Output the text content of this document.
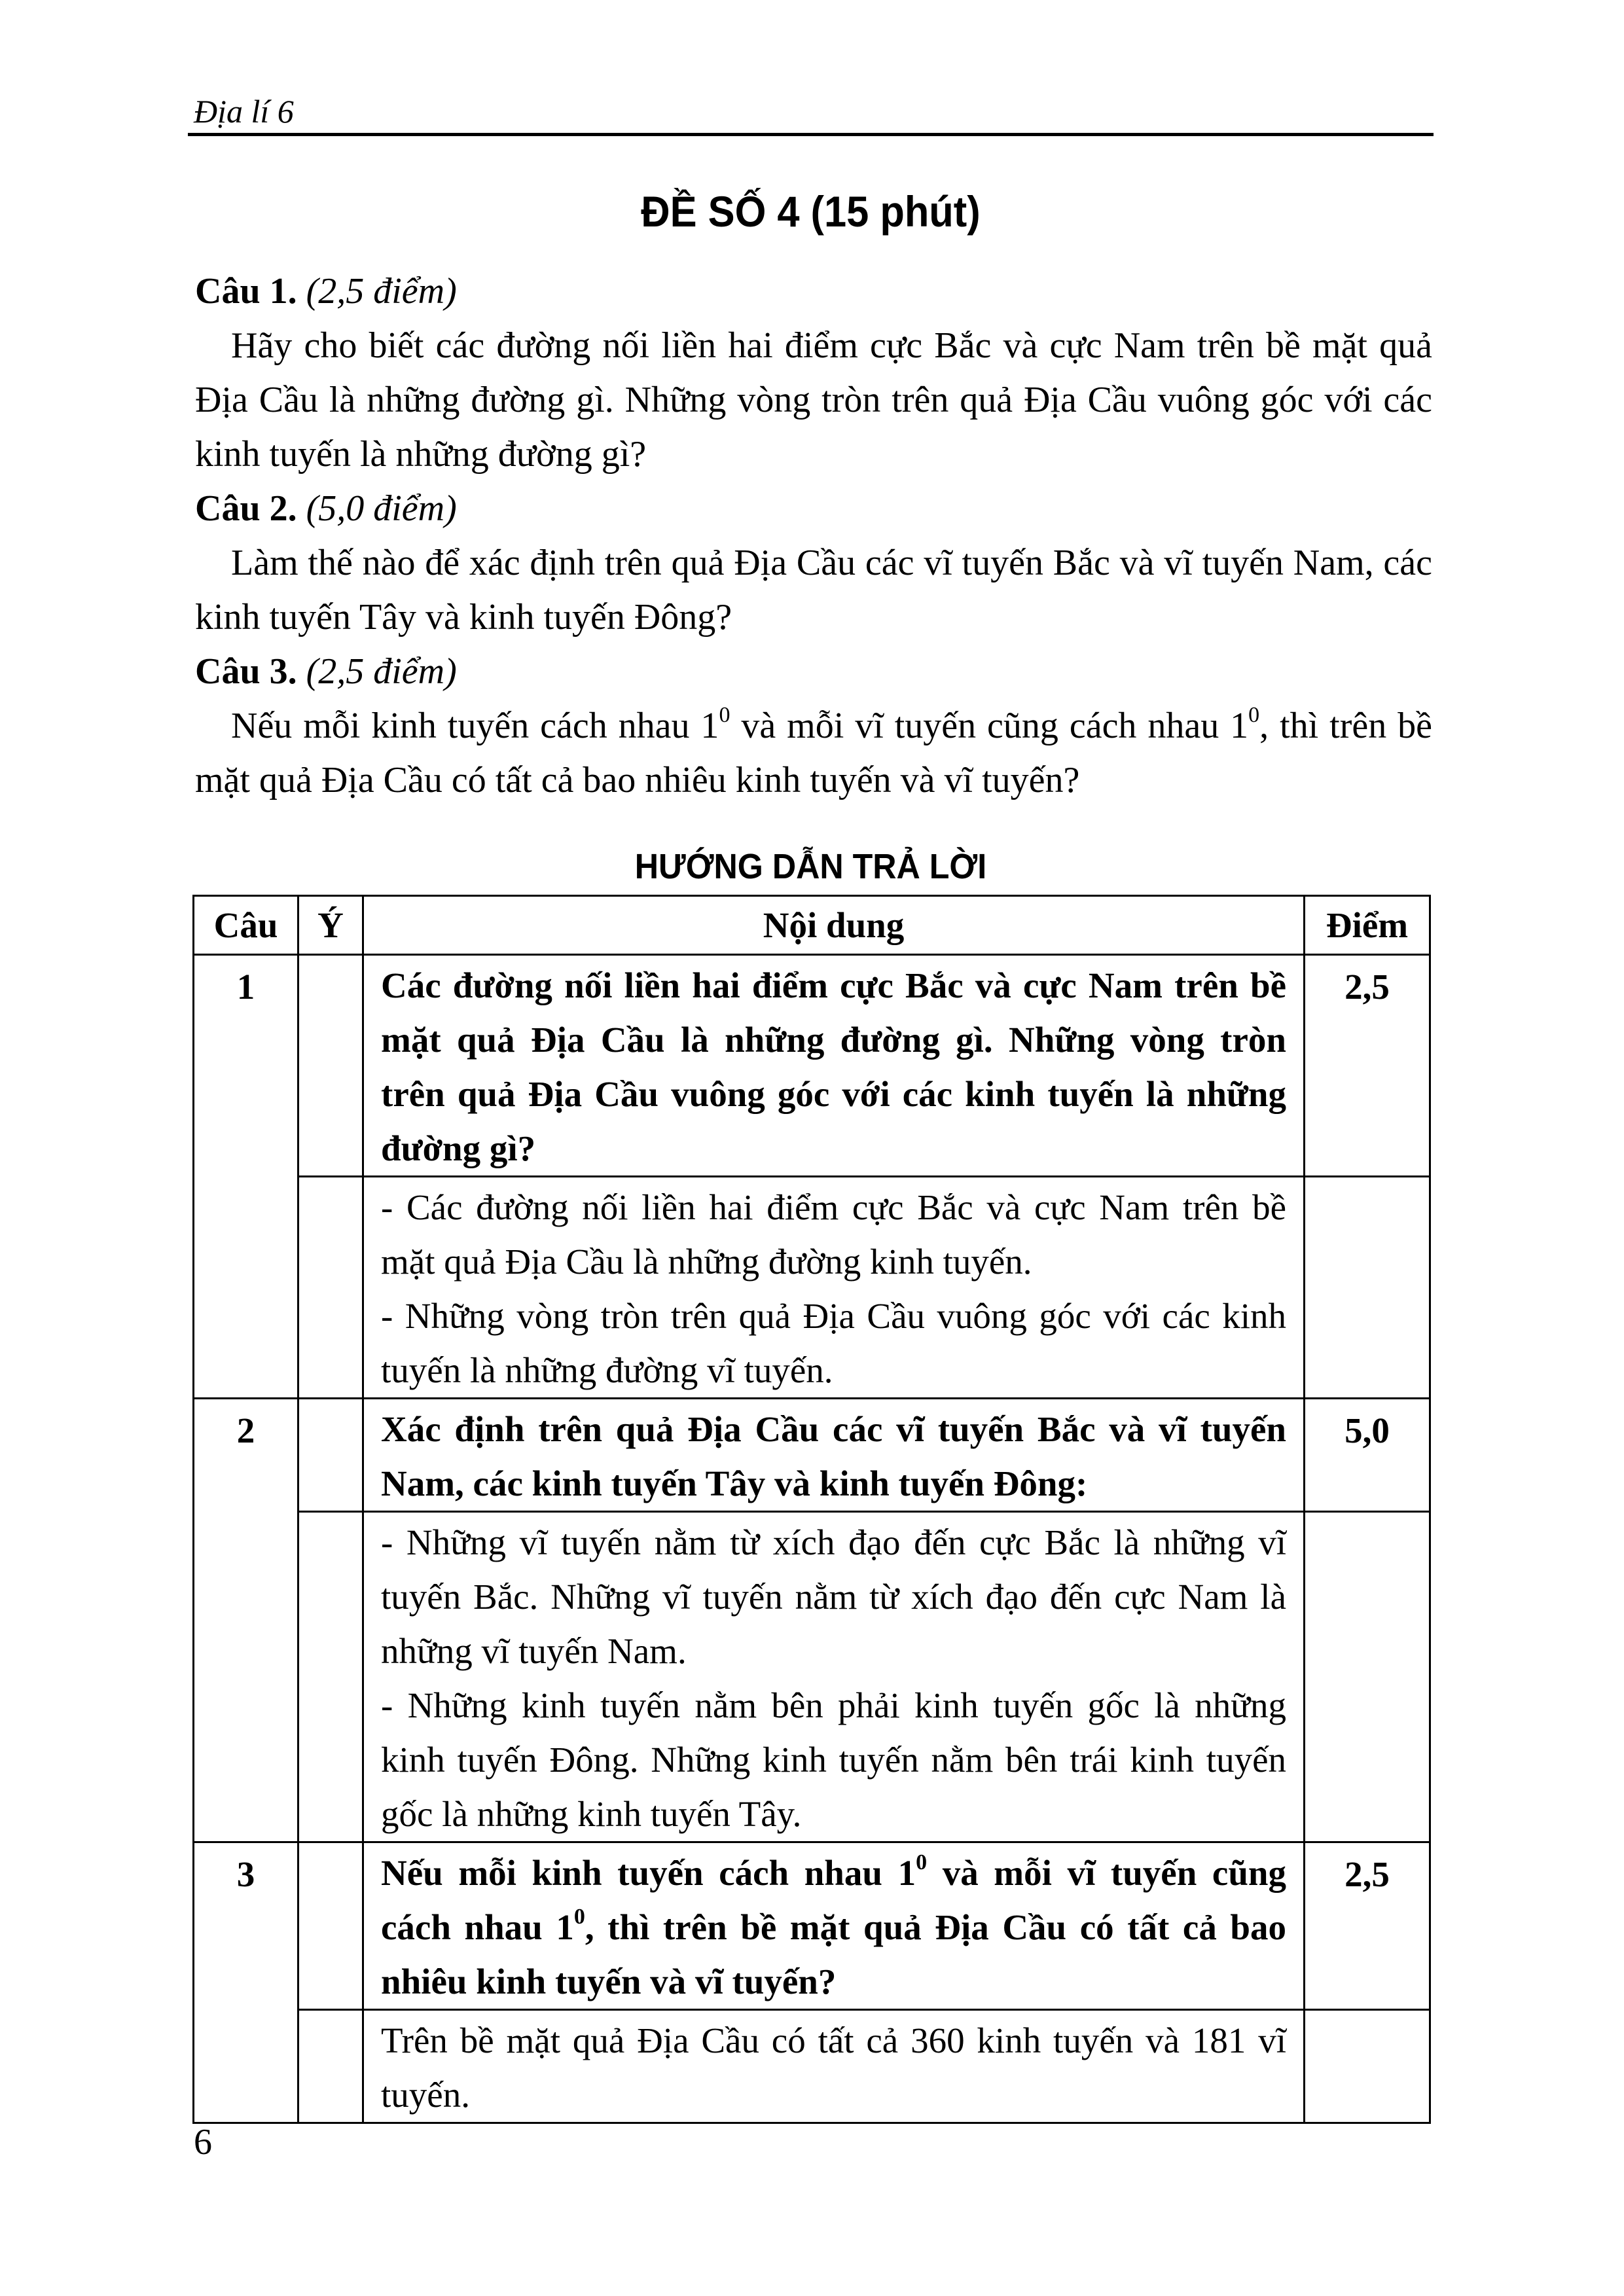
Địa lí 6
ĐỀ SỐ 4 (15 phút)

Câu 1. (2,5 điểm)

Hãy cho biết các đường nối liền hai điểm cực Bắc và cực Nam trên bề mặt quả Địa Cầu là những đường gì. Những vòng tròn trên quả Địa Cầu vuông góc với các kinh tuyến là những đường gì?

Câu 2. (5,0 điểm)

Làm thế nào để xác định trên quả Địa Cầu các vĩ tuyến Bắc và vĩ tuyến Nam, các kinh tuyến Tây và kinh tuyến Đông?

Câu 3. (2,5 điểm)

Nếu mỗi kinh tuyến cách nhau $1^0$ và mỗi vĩ tuyến cũng cách nhau $1^0$, thì trên bề mặt quả Địa Cầu có tất cả bao nhiêu kinh tuyến và vĩ tuyến?

HƯỚNG DẪN TRẢ LỜI
Câu	Ý	Nội dung	Điểm
1		Các đường nối liền hai điểm cực Bắc và cực Nam trên bề mặt quả Địa Cầu là những đường gì. Những vòng tròn trên quả Địa Cầu vuông góc với các kinh tuyến là những đường gì?	2,5

		- Các đường nối liền hai điểm cực Bắc và cực Nam trên bề mặt quả Địa Cầu là những đường kinh tuyến.

- Những vòng tròn trên quả Địa Cầu vuông góc với các kinh tuyến là những đường vĩ tuyến.	

2		Xác định trên quả Địa Cầu các vĩ tuyến Bắc và vĩ tuyến Nam, các kinh tuyến Tây và kinh tuyến Đông:	5,0

		- Những vĩ tuyến nằm từ xích đạo đến cực Bắc là những vĩ tuyến Bắc. Những vĩ tuyến nằm từ xích đạo đến cực Nam là những vĩ tuyến Nam.

- Những kinh tuyến nằm bên phải kinh tuyến gốc là những kinh tuyến Đông. Những kinh tuyến nằm bên trái kinh tuyến gốc là những kinh tuyến Tây.	

3		Nếu mỗi kinh tuyến cách nhau $1^0$ và mỗi vĩ tuyến cũng cách nhau $1^0$, thì trên bề mặt quả Địa Cầu có tất cả bao nhiêu kinh tuyến và vĩ tuyến?	2,5

		Trên bề mặt quả Địa Cầu có tất cả 360 kinh tuyến và 181 vĩ tuyến.	

6
